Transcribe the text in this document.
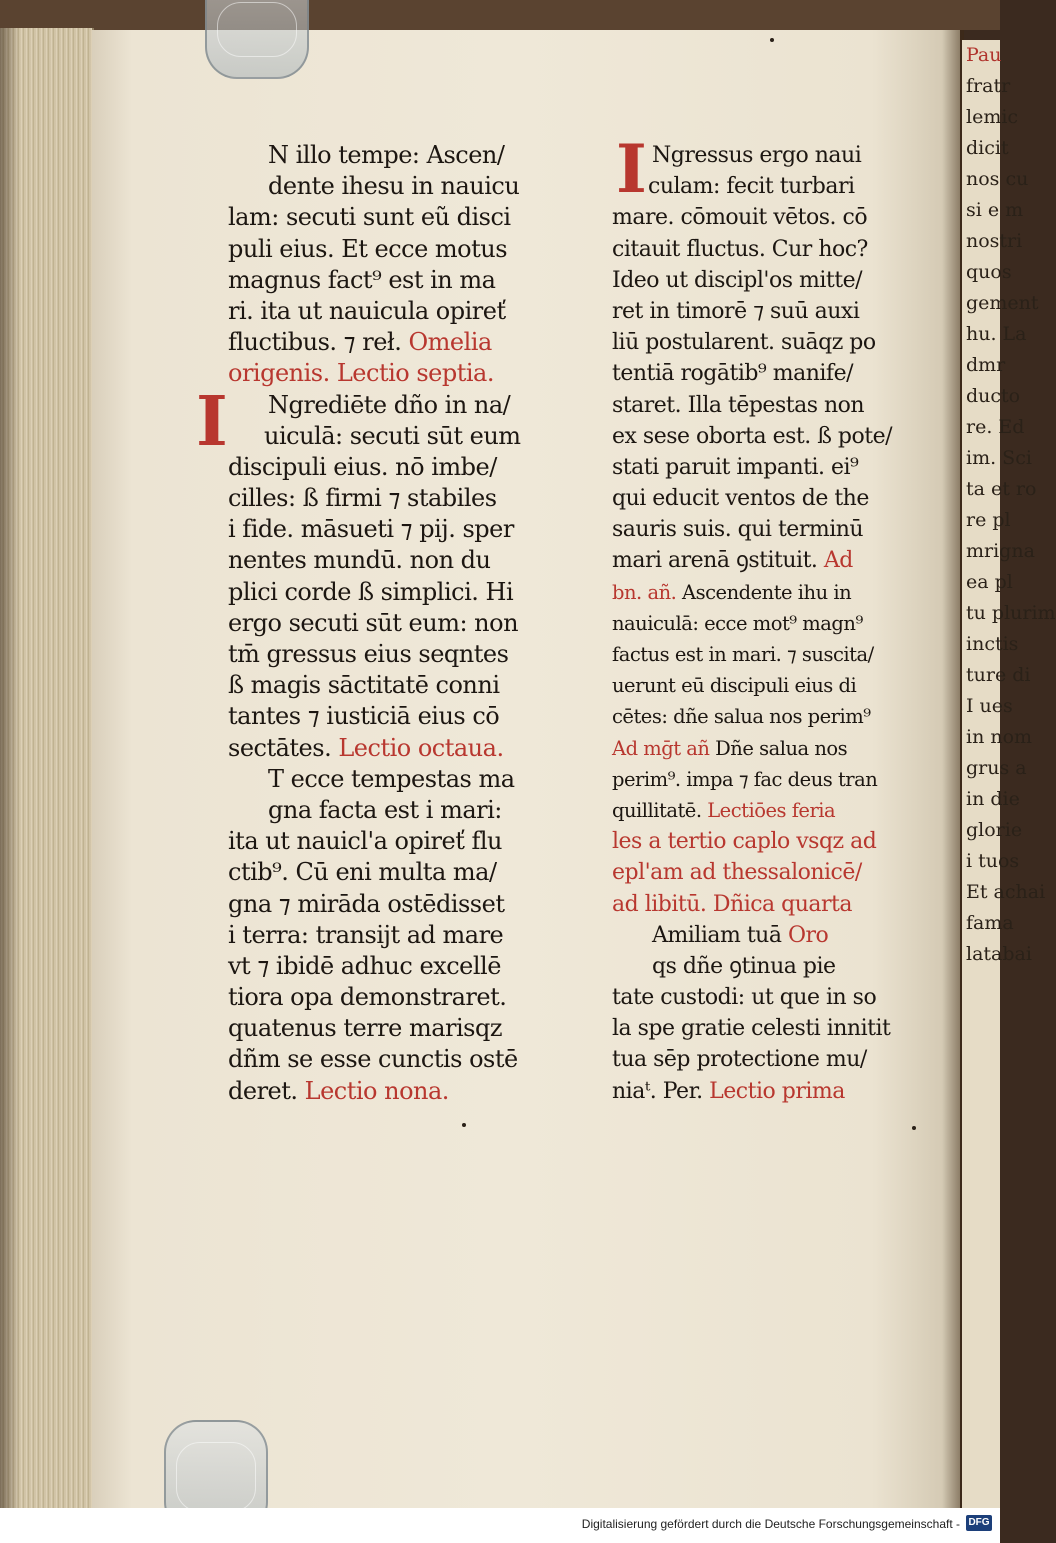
Pau
fratr
lemic
dicit
nos cu
si e m
nostri
quos
gement
hu. La
dmr
ducto
re. Ed
im. Sci
ta et ro
re pl
mrigna
ea pl
tu plurim
inctis
ture di
I ues
in nom
grus a
in die
glorie
i tuos
Et achai
fama
latabai
I
I
N illo tempe: Ascen/
dente ihesu in nauicu
lam: secuti sunt eũ disci
puli eius. Et ecce motus
magnus fact⁹ est in ma
ri. ita ut nauicula opireť
fluctibus. ⁊ reł. Omelia
origenis. Lectio septia.
Ngrediēte dño in na/
uiculā: secuti sūt eum
discipuli eius. nō imbe/
cilles: ß firmi ⁊ stabiles
i fide. māsueti ⁊ pij. sper
nentes mundū. non du
plici corde ß simplici. Hi
ergo secuti sūt eum: non
tm̄ gressus eius seqntes
ß magis sāctitatē conni
tantes ⁊ iusticiā eius cō
sectātes. Lectio octaua.
T ecce tempestas ma
gna facta est i mari:
ita ut nauicl'a opireť flu
ctib⁹. Cū eni multa ma/
gna ⁊ mirāda ostēdisset
i terra: transijt ad mare
vt ⁊ ibidē adhuc excellē
tiora opa demonstraret.
quatenus terre marisqz
dñm se esse cunctis ostē
deret. Lectio nona.
Ngressus ergo naui
culam: fecit turbari
mare. cōmouit vētos. cō
citauit fluctus. Cur hoc?
Ideo ut discipl'os mitte/
ret in timorē ⁊ suū auxi
liū postularent. suāqz po
tentiā rogātib⁹ manife/
staret. Illa tēpestas non
ex sese oborta est. ß pote/
stati paruit impanti. ei⁹
qui educit ventos de the
sauris suis. qui terminū
mari arenā ꝯstituit. Ad
bn. añ. Ascendente ihu in
nauiculā: ecce mot⁹ magn⁹
factus est in mari. ⁊ suscita/
uerunt eū discipuli eius di
cētes: dñe salua nos perim⁹
Ad mḡt añ Dñe salua nos
perim⁹. impa ⁊ fac deus tran
quillitatē. Lectiōes feria
les a tertio caplo vsqz ad
epl'am ad thessalonicē/
ad libitū. Dñica quarta
Amiliam tuā Oro
qs dñe ꝯtinua pie
tate custodi: ut que in so
la spe gratie celesti innitit
tua sēp protectione mu/
niaᵗ. Per. Lectio prima
Digitalisierung gefördert durch die Deutsche Forschungsgemeinschaft - DFG
